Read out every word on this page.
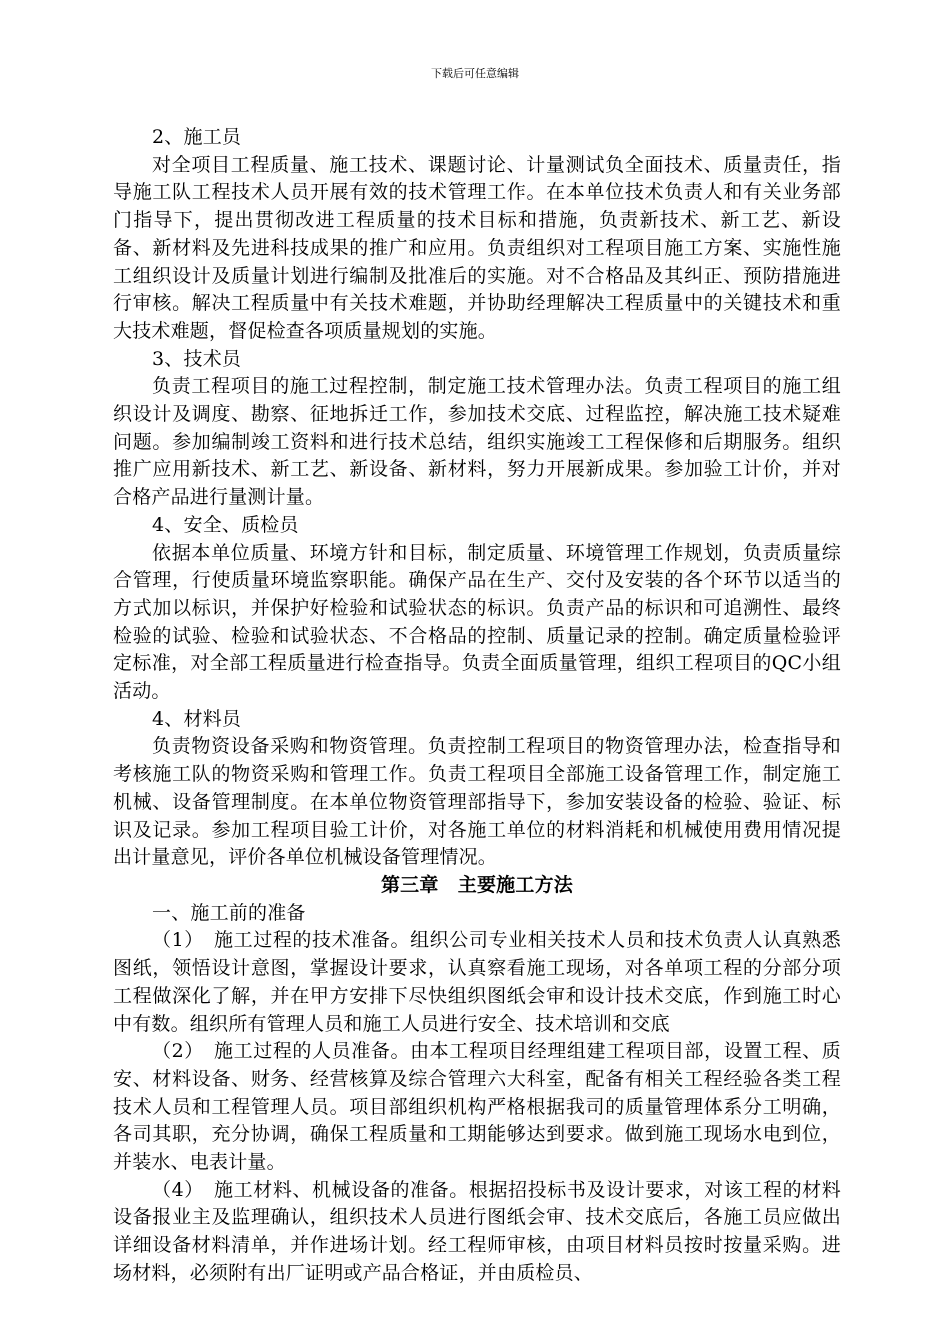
下载后可任意编辑

2、施工员

对全项目工程质量、施工技术、课题讨论、计量测试负全面技术、质量责任，指导施工队工程技术人员开展有效的技术管理工作。在本单位技术负责人和有关业务部门指导下，提出贯彻改进工程质量的技术目标和措施，负责新技术、新工艺、新设备、新材料及先进科技成果的推广和应用。负责组织对工程项目施工方案、实施性施工组织设计及质量计划进行编制及批准后的实施。对不合格品及其纠正、预防措施进行审核。解决工程质量中有关技术难题，并协助经理解决工程质量中的关键技术和重大技术难题，督促检查各项质量规划的实施。

3、技术员

负责工程项目的施工过程控制，制定施工技术管理办法。负责工程项目的施工组织设计及调度、勘察、征地拆迁工作，参加技术交底、过程监控，解决施工技术疑难问题。参加编制竣工资料和进行技术总结，组织实施竣工工程保修和后期服务。组织推广应用新技术、新工艺、新设备、新材料，努力开展新成果。参加验工计价，并对合格产品进行量测计量。

4、安全、质检员

依据本单位质量、环境方针和目标，制定质量、环境管理工作规划，负责质量综合管理，行使质量环境监察职能。确保产品在生产、交付及安装的各个环节以适当的方式加以标识，并保护好检验和试验状态的标识。负责产品的标识和可追溯性、最终检验的试验、检验和试验状态、不合格品的控制、质量记录的控制。确定质量检验评定标准，对全部工程质量进行检查指导。负责全面质量管理，组织工程项目的QC小组活动。

4、材料员

负责物资设备采购和物资管理。负责控制工程项目的物资管理办法，检查指导和考核施工队的物资采购和管理工作。负责工程项目全部施工设备管理工作，制定施工机械、设备管理制度。在本单位物资管理部指导下，参加安装设备的检验、验证、标识及记录。参加工程项目验工计价，对各施工单位的材料消耗和机械使用费用情况提出计量意见，评价各单位机械设备管理情况。

第三章　主要施工方法

一、施工前的准备

（1）　施工过程的技术准备。组织公司专业相关技术人员和技术负责人认真熟悉图纸，领悟设计意图，掌握设计要求，认真察看施工现场，对各单项工程的分部分项工程做深化了解，并在甲方安排下尽快组织图纸会审和设计技术交底，作到施工时心中有数。组织所有管理人员和施工人员进行安全、技术培训和交底

（2）　施工过程的人员准备。由本工程项目经理组建工程项目部，设置工程、质安、材料设备、财务、经营核算及综合管理六大科室，配备有相关工程经验各类工程技术人员和工程管理人员。项目部组织机构严格根据我司的质量管理体系分工明确，各司其职，充分协调，确保工程质量和工期能够达到要求。做到施工现场水电到位，并装水、电表计量。

（4）　施工材料、机械设备的准备。根据招投标书及设计要求，对该工程的材料设备报业主及监理确认，组织技术人员进行图纸会审、技术交底后，各施工员应做出详细设备材料清单，并作进场计划。经工程师审核，由项目材料员按时按量采购。进场材料，必须附有出厂证明或产品合格证，并由质检员、
